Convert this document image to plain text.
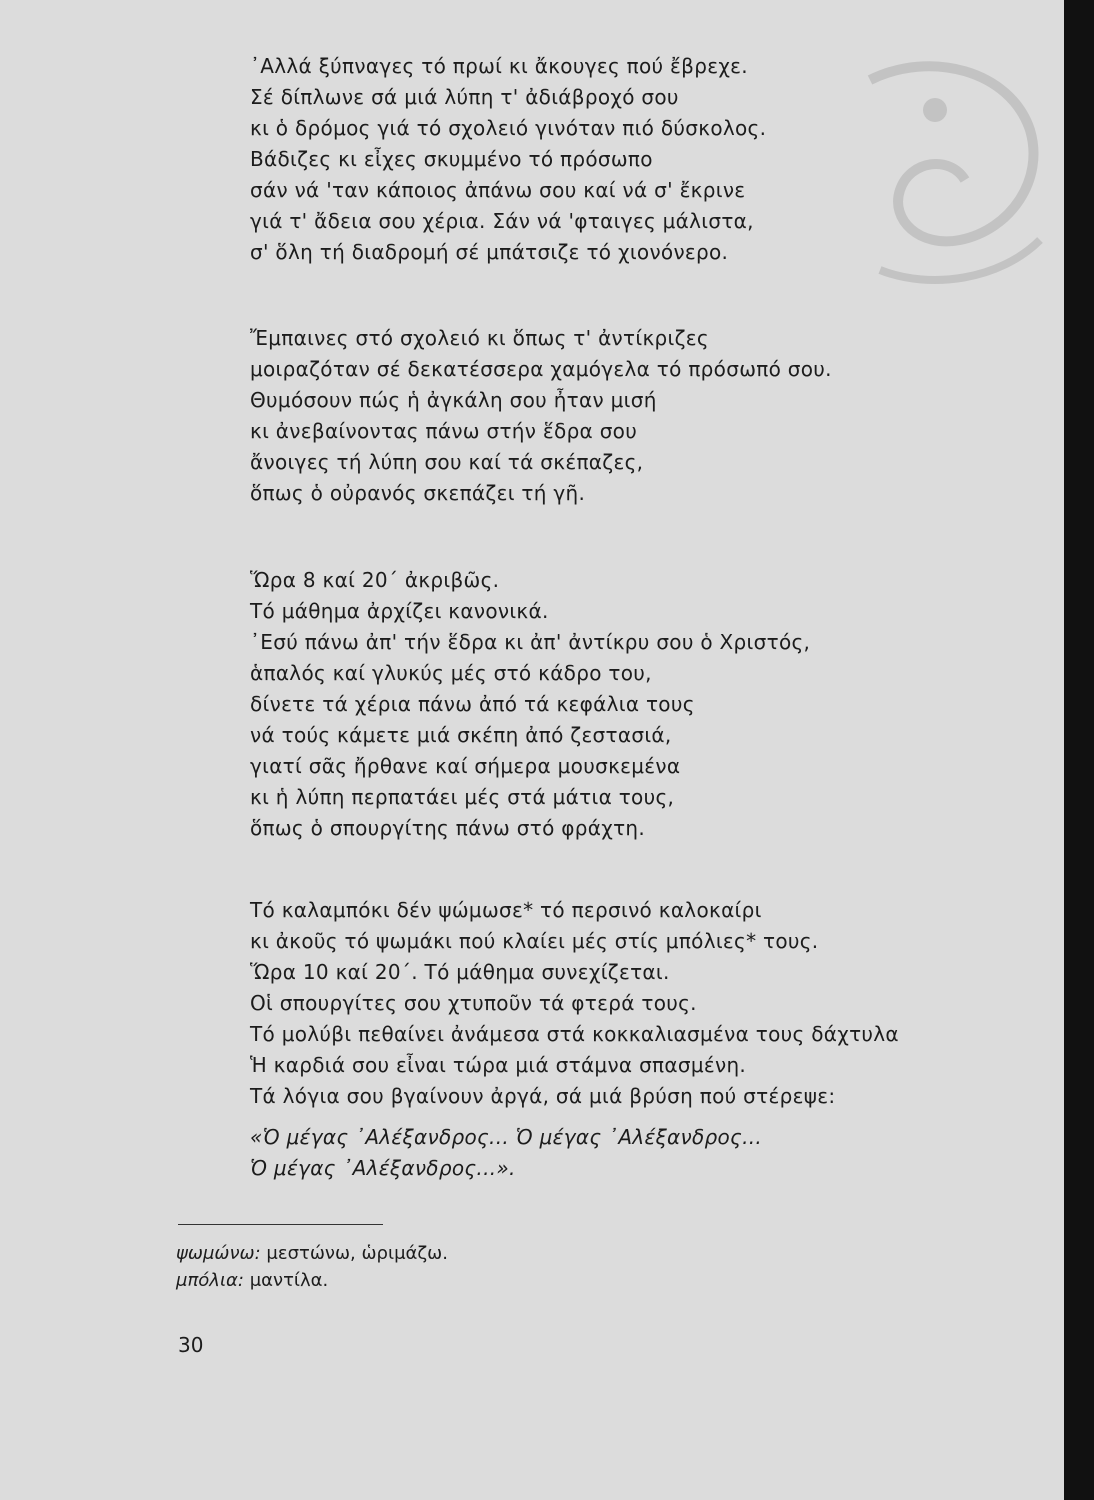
᾿Αλλά ξύπναγες τό πρωί κι ἄκουγες πού ἔβρεχε.
Σέ δίπλωνε σά μιά λύπη τ' ἀδιάβροχό σου
κι ὁ δρόμος γιά τό σχολειό γινόταν πιό δύσκολος.
Βάδιζες κι εἶχες σκυμμένο τό πρόσωπο
σάν νά 'ταν κάποιος ἀπάνω σου καί νά σ' ἔκρινε
γιά τ' ἄδεια σου χέρια. Σάν νά 'φταιγες μάλιστα,
σ' ὅλη τή διαδρομή σέ μπάτσιζε τό χιονόνερο.
Ἔμπαινες στό σχολειό κι ὅπως τ' ἀντίκριζες
μοιραζόταν σέ δεκατέσσερα χαμόγελα τό πρόσωπό σου.
Θυμόσουν πώς ἡ ἀγκάλη σου ἦταν μισή
κι ἀνεβαίνοντας πάνω στήν ἕδρα σου
ἄνοιγες τή λύπη σου καί τά σκέπαζες,
ὅπως ὁ οὐρανός σκεπάζει τή γῆ.
Ὥρα 8 καί 20΄ ἀκριβῶς.
Τό μάθημα ἀρχίζει κανονικά.
᾿Εσύ πάνω ἀπ' τήν ἕδρα κι ἀπ' ἀντίκρυ σου ὁ Χριστός,
ἁπαλός καί γλυκύς μές στό κάδρο του,
δίνετε τά χέρια πάνω ἀπό τά κεφάλια τους
νά τούς κάμετε μιά σκέπη ἀπό ζεστασιά,
γιατί σᾶς ἤρθανε καί σήμερα μουσκεμένα
κι ἡ λύπη περπατάει μές στά μάτια τους,
ὅπως ὁ σπουργίτης πάνω στό φράχτη.
Τό καλαμπόκι δέν ψώμωσε* τό περσινό καλοκαίρι
κι ἀκοῦς τό ψωμάκι πού κλαίει μές στίς μπόλιες* τους.
Ὥρα 10 καί 20΄. Τό μάθημα συνεχίζεται.
Οἱ σπουργίτες σου χτυποῦν τά φτερά τους.
Τό μολύβι πεθαίνει ἀνάμεσα στά κοκκαλιασμένα τους δάχτυλα
Ἡ καρδιά σου εἶναι τώρα μιά στάμνα σπασμένη.
Τά λόγια σου βγαίνουν ἀργά, σά μιά βρύση πού στέρεψε:
«Ὁ μέγας ᾿Αλέξανδρος... Ὁ μέγας ᾿Αλέξανδρος...
Ὁ μέγας ᾿Αλέξανδρος...».
ψωμώνω: μεστώνω, ὡριμάζω.
μπόλια: μαντίλα.
30
